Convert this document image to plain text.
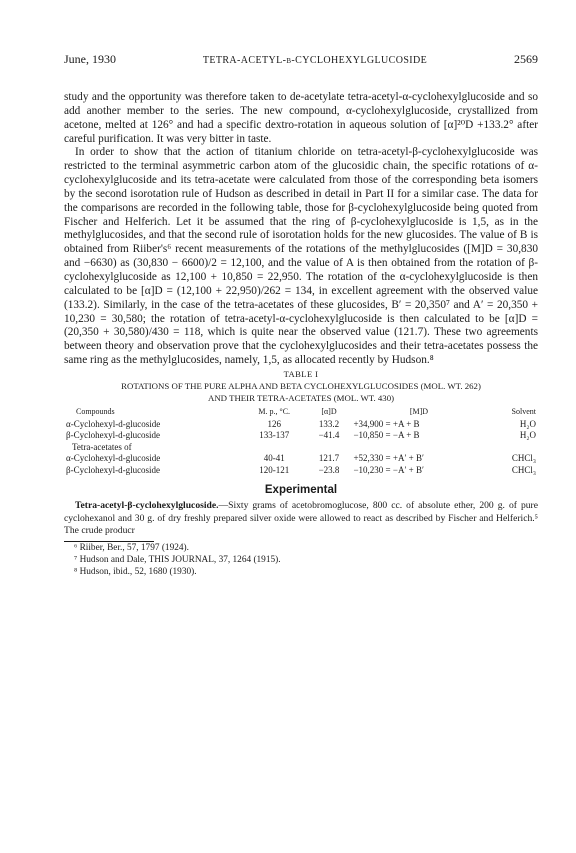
June, 1930	TETRA-ACETYL-β-CYCLOHEXYLGLUCOSIDE	2569

study and the opportunity was therefore taken to de-acetylate tetra-acetyl-α-cyclohexylglucoside and so add another member to the series. The new compound, α-cyclohexylglucoside, crystallized from acetone, melted at 126° and had a specific dextro-rotation in aqueous solution of [α]²⁰D +133.2° after careful purification. It was very bitter in taste.

In order to show that the action of titanium chloride on tetra-acetyl-β-cyclohexylglucoside was restricted to the terminal asymmetric carbon atom of the glucosidic chain, the specific rotations of α-cyclohexylglucoside and its tetra-acetate were calculated from those of the corresponding beta isomers by the second isorotation rule of Hudson as described in detail in Part II for a similar case. The data for the comparisons are recorded in the following table, those for β-cyclohexylglucoside being quoted from Fischer and Helferich. Let it be assumed that the ring of β-cyclohexylglucoside is 1,5, as in the methylglucosides, and that the second rule of isorotation holds for the new glucosides. The value of B is obtained from Riiber's⁶ recent measurements of the rotations of the methylglucosides ([M]D = 30,830 and −6630) as (30,830 − 6600)/2 = 12,100, and the value of A is then obtained from the rotation of β-cyclohexylglucoside as 12,100 + 10,850 = 22,950. The rotation of the α-cyclohexylglucoside is then calculated to be [α]D = (12,100 + 22,950)/262 = 134, in excellent agreement with the observed value (133.2). Similarly, in the case of the tetra-acetates of these glucosides, B′ = 20,350⁷ and A′ = 20,350 + 10,230 = 30,580; the rotation of tetra-acetyl-α-cyclohexylglucoside is then calculated to be [α]D = (20,350 + 30,580)/430 = 118, which is quite near the observed value (121.7). These two agreements between theory and observation prove that the cyclohexylglucosides and their tetra-acetates possess the same ring as the methylglucosides, namely, 1,5, as allocated recently by Hudson.⁸

TABLE I
ROTATIONS OF THE PURE ALPHA AND BETA CYCLOHEXYLGLUCOSIDES (MOL. WT. 262)
AND THEIR TETRA-ACETATES (MOL. WT. 430)
Compounds	M. p., °C.	[α]D	[M]D	Solvent
α-Cyclohexyl-d-glucoside	126	133.2	+34,900 = +A + B	H₂O
β-Cyclohexyl-d-glucoside	133-137	−41.4	−10,850 = −A + B	H₂O
Tetra-acetates of				
α-Cyclohexyl-d-glucoside	40-41	121.7	+52,330 = +A′ + B′	CHCl₃
β-Cyclohexyl-d-glucoside	120-121	−23.8	−10,230 = −A′ + B′	CHCl₃
Experimental
Tetra-acetyl-β-cyclohexylglucoside.—Sixty grams of acetobromoglucose, 800 cc. of absolute ether, 200 g. of pure cyclohexanol and 30 g. of dry freshly prepared silver oxide were allowed to react as described by Fischer and Helferich.⁵ The crude producr
⁶ Riiber, Ber., 57, 1797 (1924).
⁷ Hudson and Dale, THIS JOURNAL, 37, 1264 (1915).
⁸ Hudson, ibid., 52, 1680 (1930).
